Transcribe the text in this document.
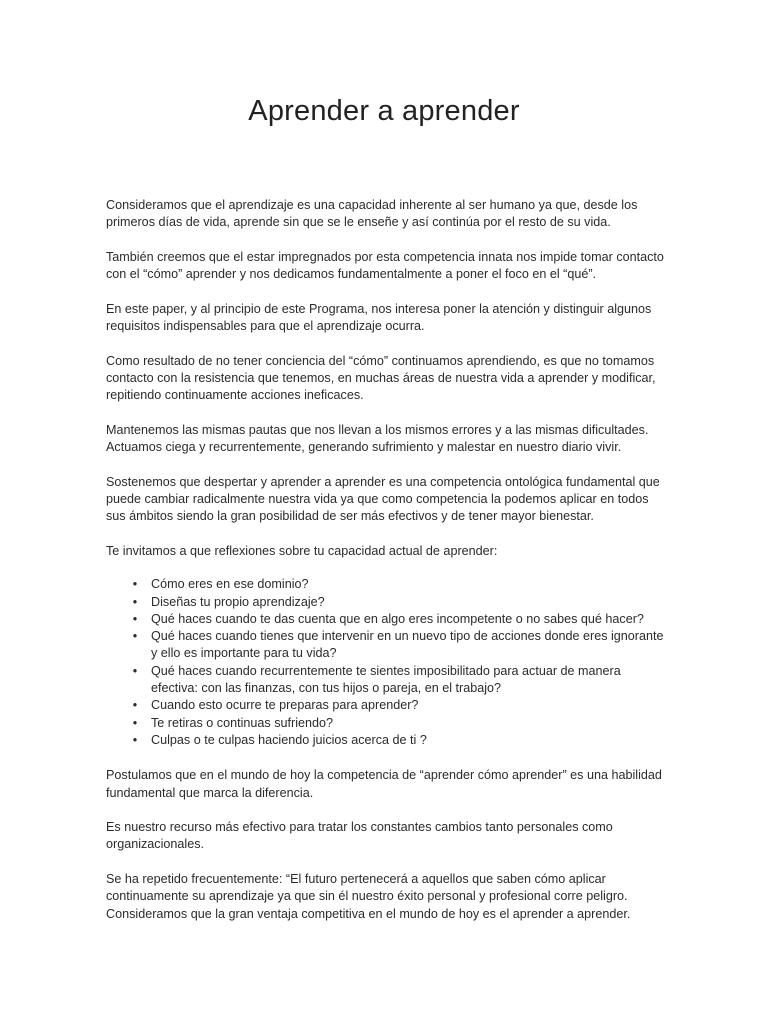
Aprender a aprender

Consideramos que el aprendizaje es una capacidad inherente al ser humano ya que, desde los primeros días de vida, aprende sin que se le enseñe y así continúa por el resto de su vida.

También creemos que el estar impregnados por esta competencia innata nos impide tomar contacto con el “cómo” aprender y nos dedicamos fundamentalmente a poner el foco en el “qué”.

En este paper, y al principio de este Programa, nos interesa poner la atención y distinguir algunos requisitos indispensables para que el aprendizaje ocurra.

Como resultado de no tener conciencia del “cómo” continuamos aprendiendo, es que no tomamos contacto con la resistencia que tenemos, en muchas áreas de nuestra vida a aprender y modificar, repitiendo continuamente acciones ineficaces.

Mantenemos las mismas pautas que nos llevan a los mismos errores y a las mismas dificultades. Actuamos ciega y recurrentemente, generando sufrimiento y malestar en nuestro diario vivir.

Sostenemos que despertar y aprender a aprender es una competencia ontológica fundamental que puede cambiar radicalmente nuestra vida ya que como competencia la podemos aplicar en todos sus ámbitos siendo la gran posibilidad de ser más efectivos y de tener mayor bienestar.

Te invitamos a que reflexiones sobre tu capacidad actual de aprender:

• Cómo eres en ese dominio?
• Diseñas tu propio aprendizaje?
• Qué haces cuando te das cuenta que en algo eres incompetente o no sabes qué hacer?
• Qué haces cuando tienes que intervenir en un nuevo tipo de acciones donde eres ignorante y ello es importante para tu vida?
• Qué haces cuando recurrentemente te sientes imposibilitado para actuar de manera efectiva: con las finanzas, con tus hijos o pareja, en el trabajo?
• Cuando esto ocurre te preparas para aprender?
• Te retiras o continuas sufriendo?
• Culpas o te culpas haciendo juicios acerca de ti ?

Postulamos que en el mundo de hoy la competencia de “aprender cómo aprender” es una habilidad fundamental que marca la diferencia.

Es nuestro recurso más efectivo para tratar los constantes cambios tanto personales como organizacionales.

Se ha repetido frecuentemente: “El futuro pertenecerá a aquellos que saben cómo aplicar continuamente su aprendizaje ya que sin él nuestro éxito personal y profesional corre peligro. Consideramos que la gran ventaja competitiva en el mundo de hoy es el aprender a aprender.
